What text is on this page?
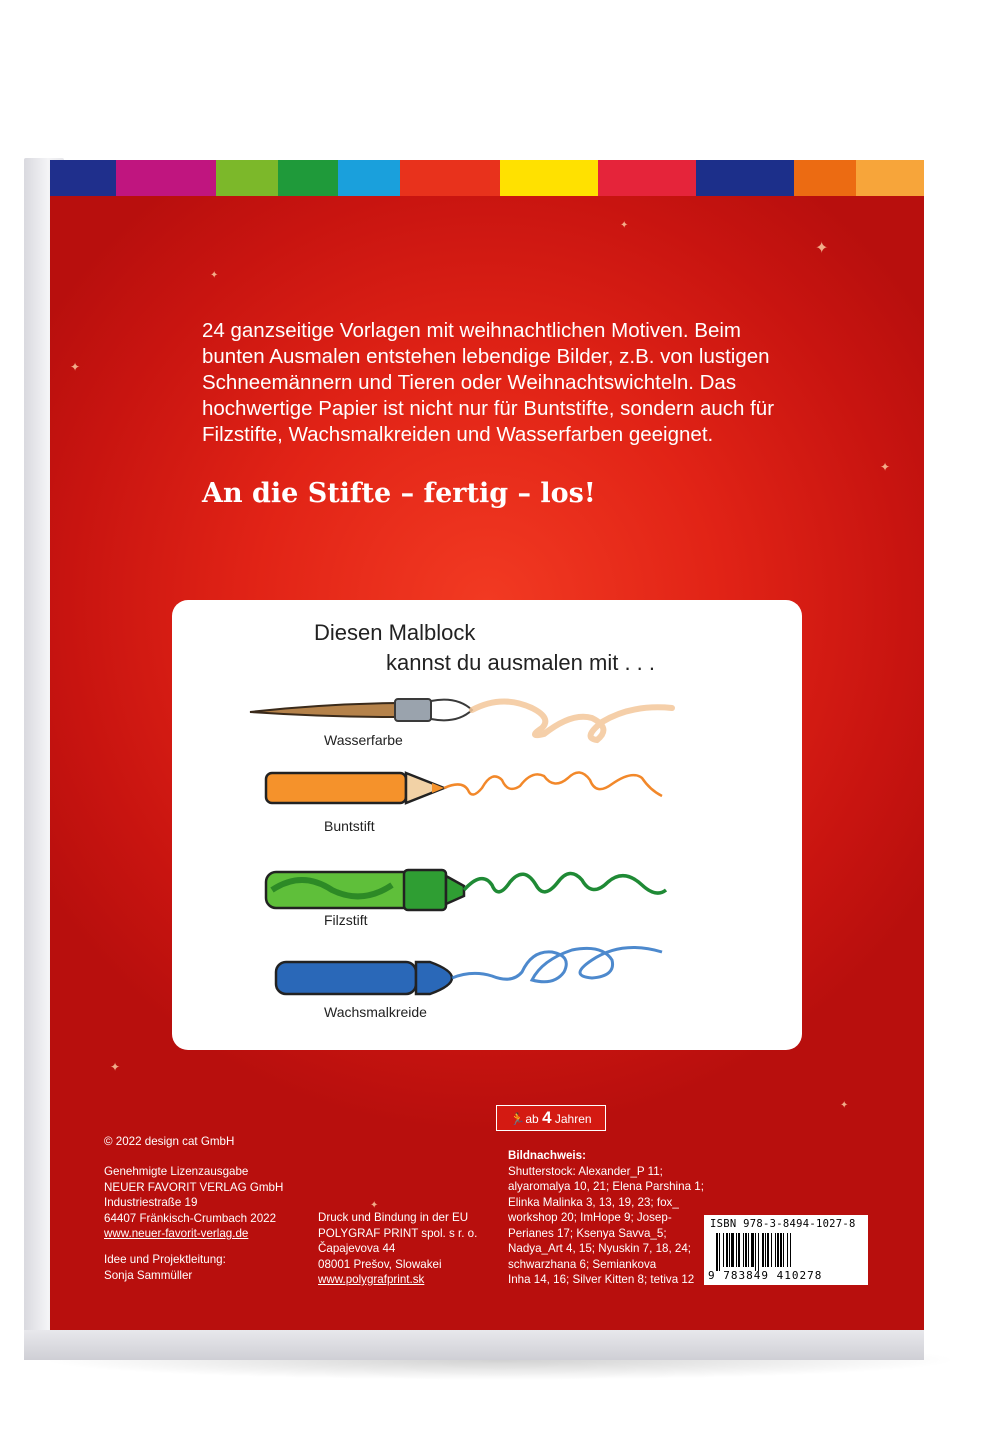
✦
✦
✦
✦
✦
✦
✦
✦
24 ganzseitige Vorlagen mit weihnachtlichen Motiven. Beim bunten Ausmalen entstehen lebendige Bilder, z.B. von lustigen Schneemännern und Tieren oder Weihnachtswichteln. Das hochwertige Papier ist nicht nur für Buntstifte, sondern auch für Filzstifte, Wachsmalkreiden und Wasserfarben geeignet.
An die Stifte – fertig – los!
Diesen Malblock
kannst du ausmalen mit . . .
Wasserfarbe
Buntstift
Filzstift
Wachsmalkreide
🏃ab 4 Jahren
© 2022 design cat GmbH
Genehmigte Lizenzausgabe
NEUER FAVORIT VERLAG GmbH
Industriestraße 19
64407 Fränkisch-Crumbach 2022
www.neuer-favorit-verlag.de
Idee und Projektleitung:
Sonja Sammüller
Druck und Bindung in der EU
POLYGRAF PRINT spol. s r. o.
Čapajevova 44
08001 Prešov, Slowakei
www.polygrafprint.sk
Bildnachweis:
Shutterstock: Alexander_P 11;
alyaromalya 10, 21; Elena Parshina 1;
Elinka Malinka 3, 13, 19, 23; fox_
workshop 20; ImHope 9; Josep-
Perianes 17; Ksenya Savva_5;
Nadya_Art 4, 15; Nyuskin 7, 18, 24;
schwarzhana 6; Semiankova
Inha 14, 16; Silver Kitten 8; tetiva 12
ISBN 978-3-8494-1027-8
9 783849 410278
